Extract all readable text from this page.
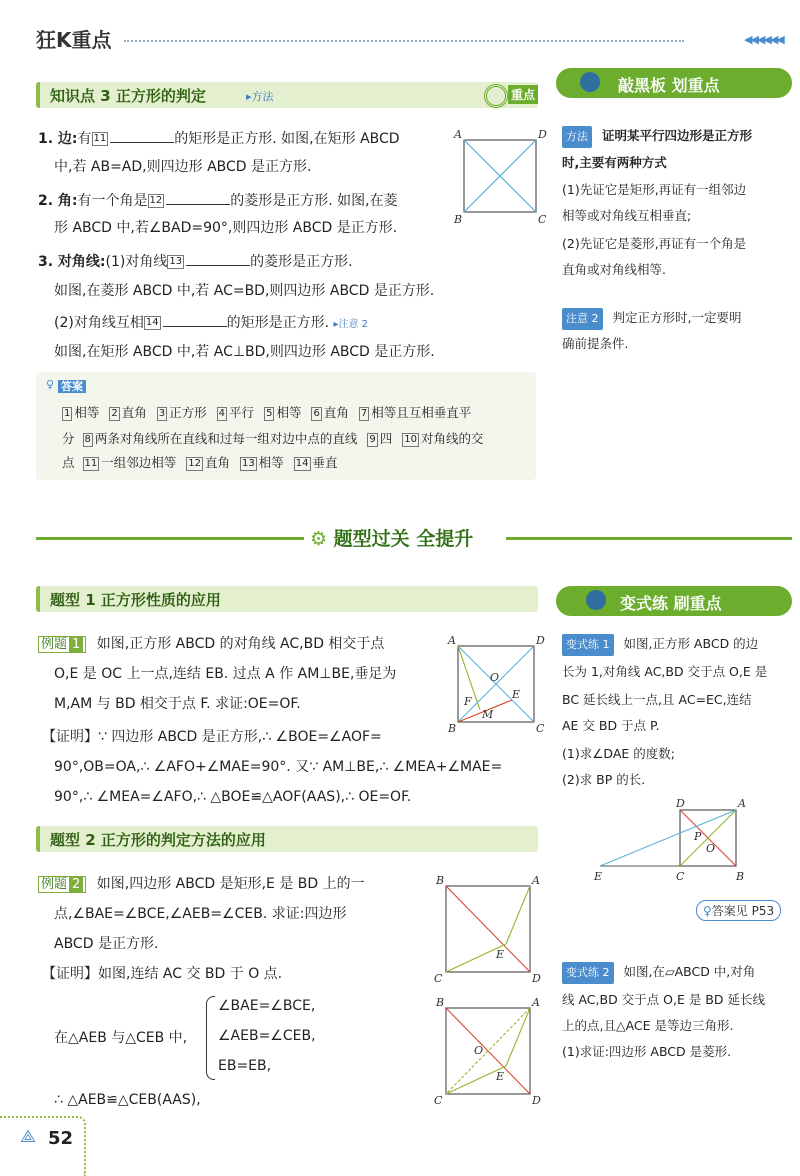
狂K重点	◀◀◀◀◀◀
知识点 3 正方形的判定	▸方法	重点
1. 边:有 11	的矩形是正方形. 如图,在矩形 ABCD
中,若 AB=AD,则四边形 ABCD 是正方形.
2. 角:有一个角是 12	的菱形是正方形. 如图,在菱
形 ABCD 中,若∠BAD=90°,则四边形 ABCD 是正方形.
3. 对角线:(1)对角线 13	的菱形是正方形.
如图,在菱形 ABCD 中,若 AC=BD,则四边形 ABCD 是正方形.
(2)对角线互相 14	的矩形是正方形. ▸注意 2
如图,在矩形 ABCD 中,若 AC⊥BD,则四边形 ABCD 是正方形.
A	D
B	C
♀ 答案
1 相等 2 直角 3 正方形 4 平行 5 相等 6 直角 7 相等且互相垂直平
分 8 两条对角线所在直线和过每一组对边中点的直线 9 四 10 对角线的交
点 11 一组邻边相等 12 直角 13 相等 14 垂直
敲黑板 划重点
方法 证明某平行四边形是正方形
时,主要有两种方式
(1)先证它是矩形,再证有一组邻边
相等或对角线互相垂直;
(2)先证它是菱形,再证有一个角是
直角或对角线相等.
注意 2 判定正方形时,一定要明
确前提条件.
⚙ 题型过关 全提升
题型 1 正方形性质的应用
例题 1 如图,正方形 ABCD 的对角线 AC,BD 相交于点
O,E 是 OC 上一点,连结 EB. 过点 A 作 AM⊥BE,垂足为
M,AM 与 BD 相交于点 F. 求证:OE=OF.
【证明】∵ 四边形 ABCD 是正方形,∴ ∠BOE=∠AOF=
90°,OB=OA,∴ ∠AFO+∠MAE=90°. 又∵ AM⊥BE,∴ ∠MEA+∠MAE=
90°,∴ ∠MEA=∠AFO,∴ △BOE≌△AOF(AAS),∴ OE=OF.
A	D
B	C
O
E
F
M
题型 2 正方形的判定方法的应用
例题 2 如图,四边形 ABCD 是矩形,E 是 BD 上的一
点,∠BAE=∠BCE,∠AEB=∠CEB. 求证:四边形
ABCD 是正方形.
【证明】如图,连结 AC 交 BD 于 O 点.
在△AEB 与△CEB 中,
∠BAE=∠BCE,
∠AEB=∠CEB,
EB=EB,
∴ △AEB≌△CEB(AAS),
B	A
C	D
E
B	A
C	D
O
E
变式练 刷重点
变式练 1 如图,正方形 ABCD 的边
长为 1,对角线 AC,BD 交于点 O,E 是
BC 延长线上一点,且 AC=EC,连结
AE 交 BD 于点 P.
(1)求∠DAE 的度数;
(2)求 BP 的长.
D	A
E	C	B
P
O
♀答案见 P53
变式练 2 如图,在▱ABCD 中,对角
线 AC,BD 交于点 O,E 是 BD 延长线
上的点,且△ACE 是等边三角形.
(1)求证:四边形 ABCD 是菱形.
⟁ 52
